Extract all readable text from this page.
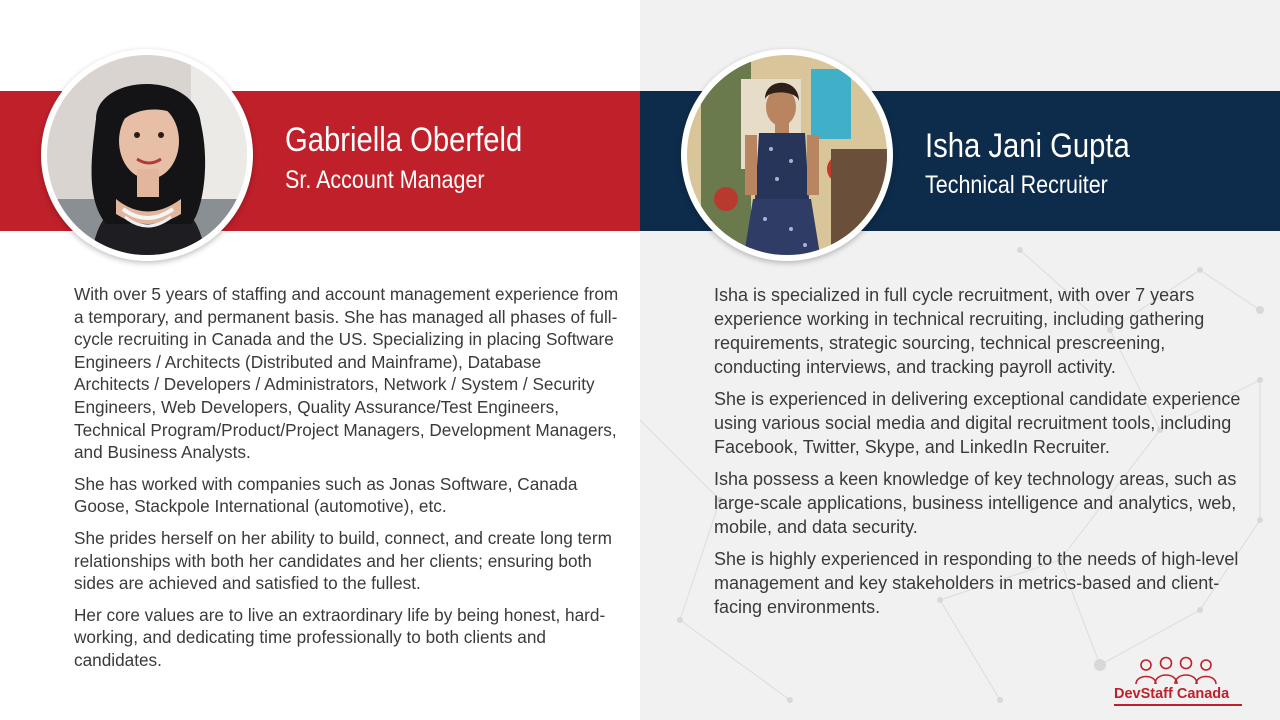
Gabriella Oberfeld
Sr. Account Manager
Isha Jani Gupta
Technical Recruiter

With over 5 years of staffing and account management experience from a temporary, and permanent basis. She has managed all phases of full-cycle recruiting in Canada and the US. Specializing in placing Software Engineers / Architects (Distributed and Mainframe), Database Architects / Developers / Administrators, Network / System / Security Engineers, Web Developers, Quality Assurance/Test Engineers, Technical Program/Product/Project Managers, Development Managers, and Business Analysts.

She has worked with companies such as Jonas Software, Canada Goose, Stackpole International (automotive), etc.

She prides herself on her ability to build, connect, and create long term relationships with both her candidates and her clients; ensuring both sides are achieved and satisfied to the fullest.

Her core values are to live an extraordinary life by being honest, hard-working, and dedicating time professionally to both clients and candidates.

Isha is specialized in full cycle recruitment, with over 7 years experience working in technical recruiting, including gathering requirements, strategic sourcing, technical prescreening, conducting interviews, and tracking payroll activity.

She is experienced in delivering exceptional candidate experience using various social media and digital recruitment tools, including Facebook, Twitter, Skype, and LinkedIn Recruiter.

Isha possess a keen knowledge of key technology areas, such as large-scale applications, business intelligence and analytics, web, mobile, and data security.

She is highly experienced in responding to the needs of high-level management and key stakeholders in metrics-based and client-facing environments.

DevStaff Canada
